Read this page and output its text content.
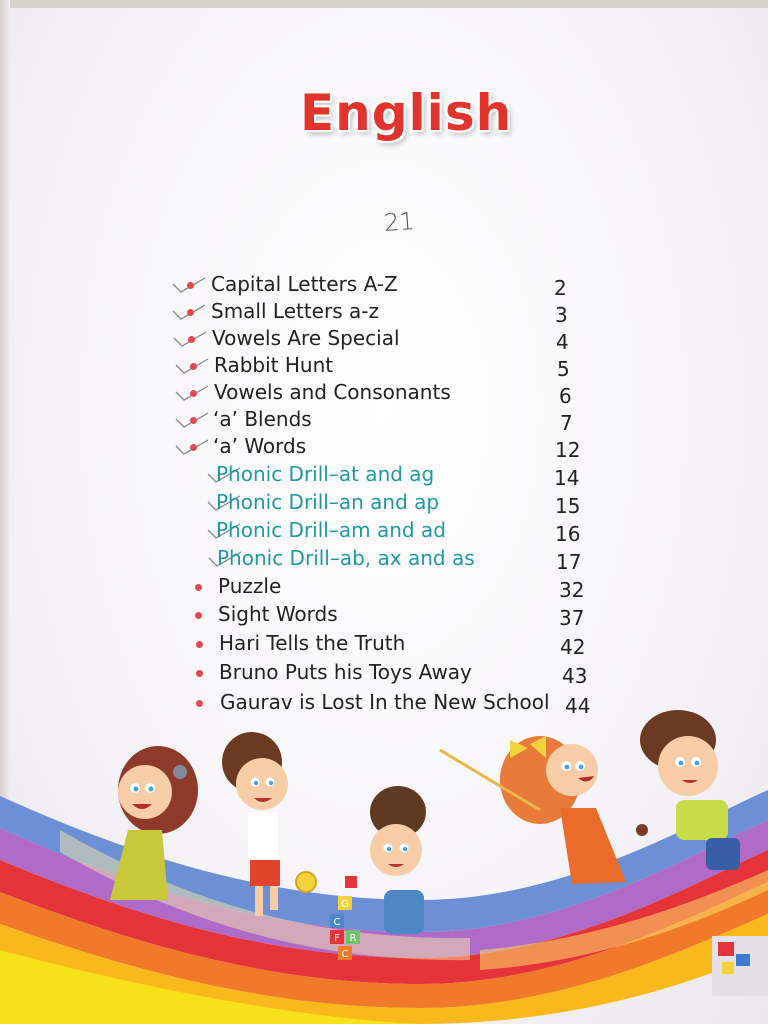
English
21
Capital Letters A-Z	2
Small Letters a-z	3
Vowels Are Special	4
Rabbit Hunt	5
Vowels and Consonants	6
‘a’ Blends	7
‘a’ Words	12
Phonic Drill–at and ag	14
Phonic Drill–an and ap	15
Phonic Drill–am and ad	16
Phonic Drill–ab, ax and as	17
Puzzle	32
Sight Words	37
Hari Tells the Truth	42
Bruno Puts his Toys Away	43
Gaurav is Lost In the New School 44
G
C
F R
C
